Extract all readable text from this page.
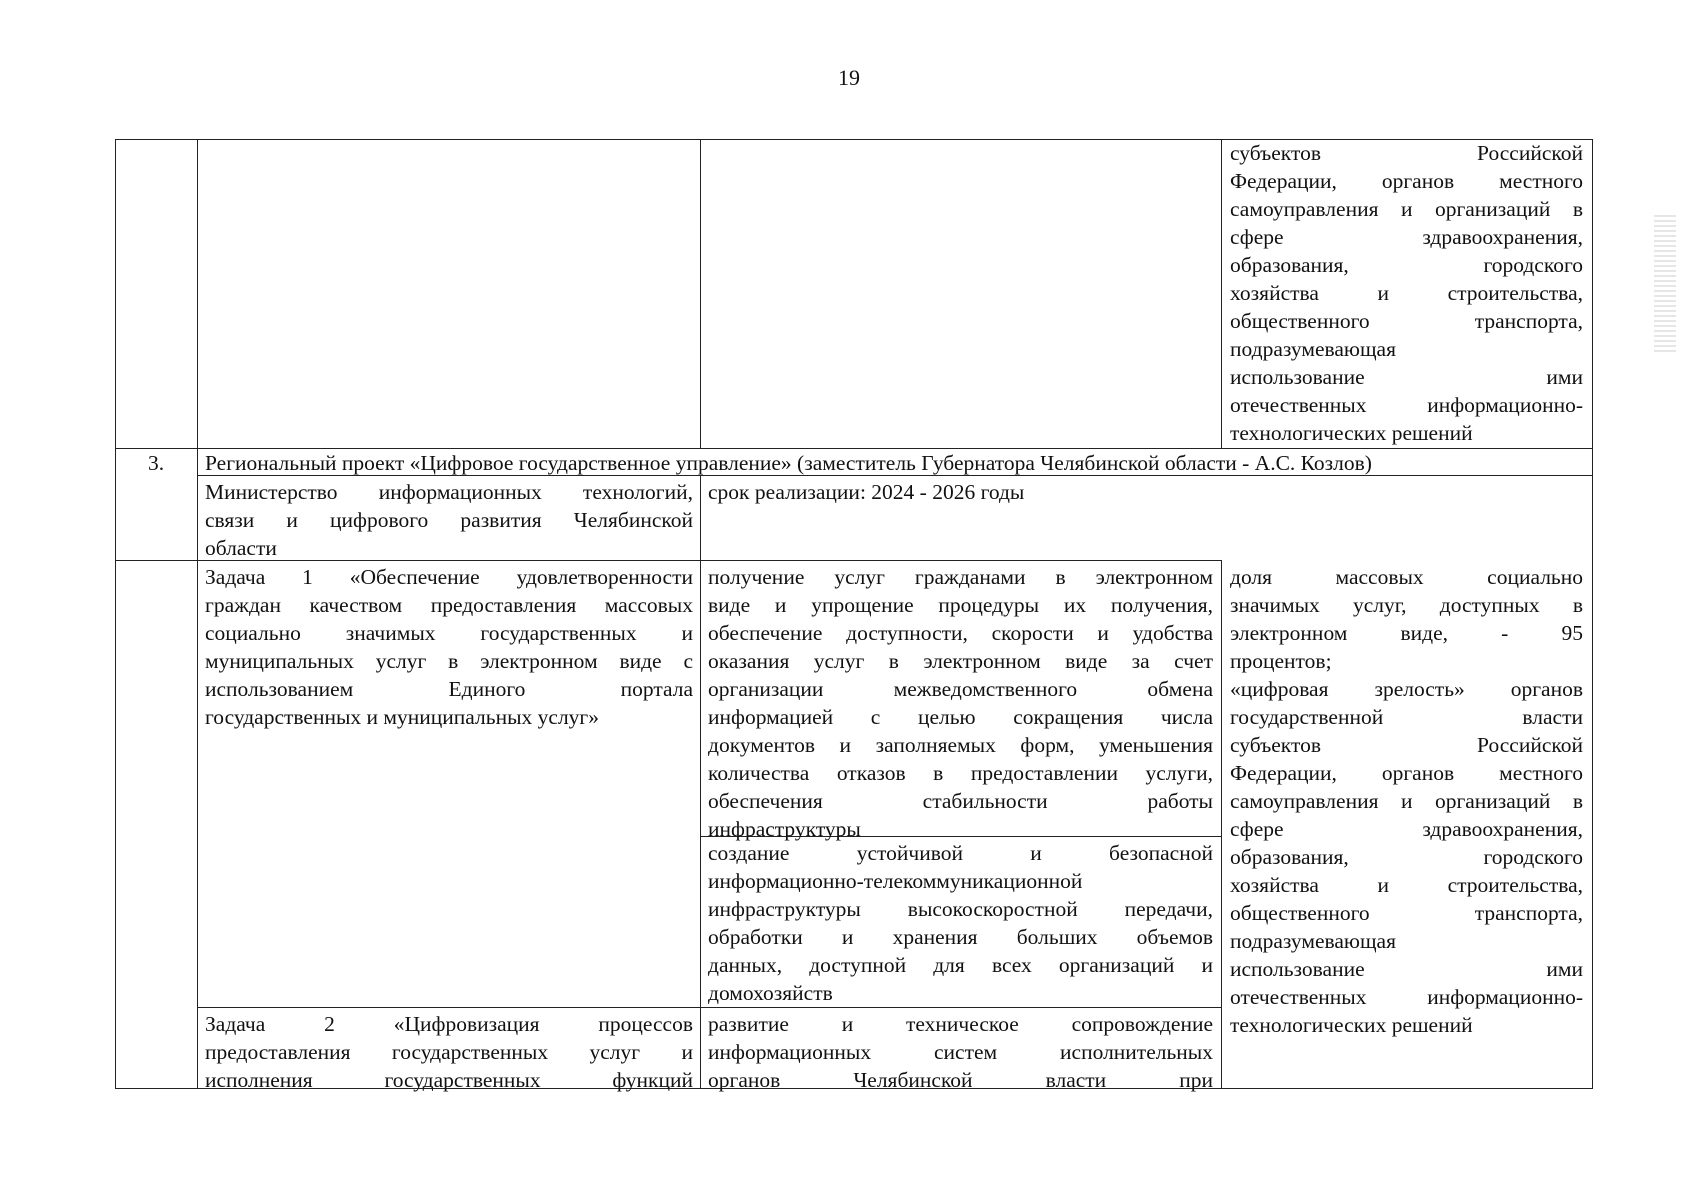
19

субъектов Российской
Федерации, органов местного
самоуправления и организаций в
сфере здравоохранения,
образования, городского
хозяйства и строительства,
общественного транспорта,
подразумевающая
использование ими
отечественных информационно-
технологических решений

3.	Региональный проект «Цифровое государственное управление» (заместитель Губернатора Челябинской области - А.С. Козлов)
Министерство информационных технологий,
связи и цифрового развития Челябинской
области
срок реализации: 2024 - 2026 годы
Задача 1 «Обеспечение удовлетворенности
граждан качеством предоставления массовых
социально значимых государственных и
муниципальных услуг в электронном виде с
использованием Единого портала
государственных и муниципальных услуг»
получение услуг гражданами в электронном
виде и упрощение процедуры их получения,
обеспечение доступности, скорости и удобства
оказания услуг в электронном виде за счет
организации межведомственного обмена
информацией с целью сокращения числа
документов и заполняемых форм, уменьшения
количества отказов в предоставлении услуги,
обеспечения стабильности работы
инфраструктуры
создание устойчивой и безопасной
информационно-телекоммуникационной
инфраструктуры высокоскоростной передачи,
обработки и хранения больших объемов
данных, доступной для всех организаций и
домохозяйств
доля массовых социально
значимых услуг, доступных в
электронном виде, - 95
процентов;
«цифровая зрелость» органов
государственной власти
субъектов Российской
Федерации, органов местного
самоуправления и организаций в
сфере здравоохранения,
образования, городского
хозяйства и строительства,
общественного транспорта,
подразумевающая
использование ими
отечественных информационно-
технологических решений
Задача 2 «Цифровизация процессов
предоставления государственных услуг и
исполнения государственных функций
развитие и техническое сопровождение
информационных систем исполнительных
органов Челябинской власти при
